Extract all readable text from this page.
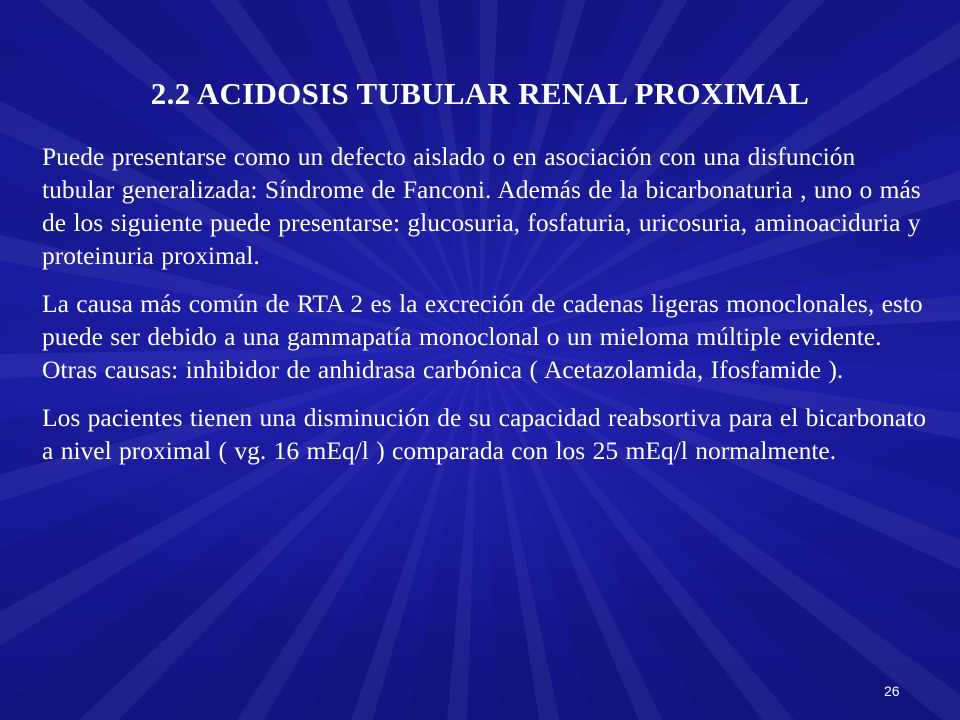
2.2 ACIDOSIS TUBULAR RENAL PROXIMAL

Puede presentarse como un defecto aislado o en asociación con una disfunción tubular generalizada: Síndrome de Fanconi. Además de la bicarbonaturia , uno o más de los siguiente puede presentarse: glucosuria, fosfaturia, uricosuria, aminoaciduria y proteinuria proximal.

La causa más común de RTA 2 es la excreción de cadenas ligeras monoclonales, esto puede ser debido a una gammapatía monoclonal o un mieloma múltiple evidente. Otras causas: inhibidor de anhidrasa carbónica ( Acetazolamida, Ifosfamide ).

Los pacientes tienen una disminución de su capacidad reabsortiva para el bicarbonato a nivel proximal ( vg. 16 mEq/l ) comparada con los 25 mEq/l normalmente.

26
